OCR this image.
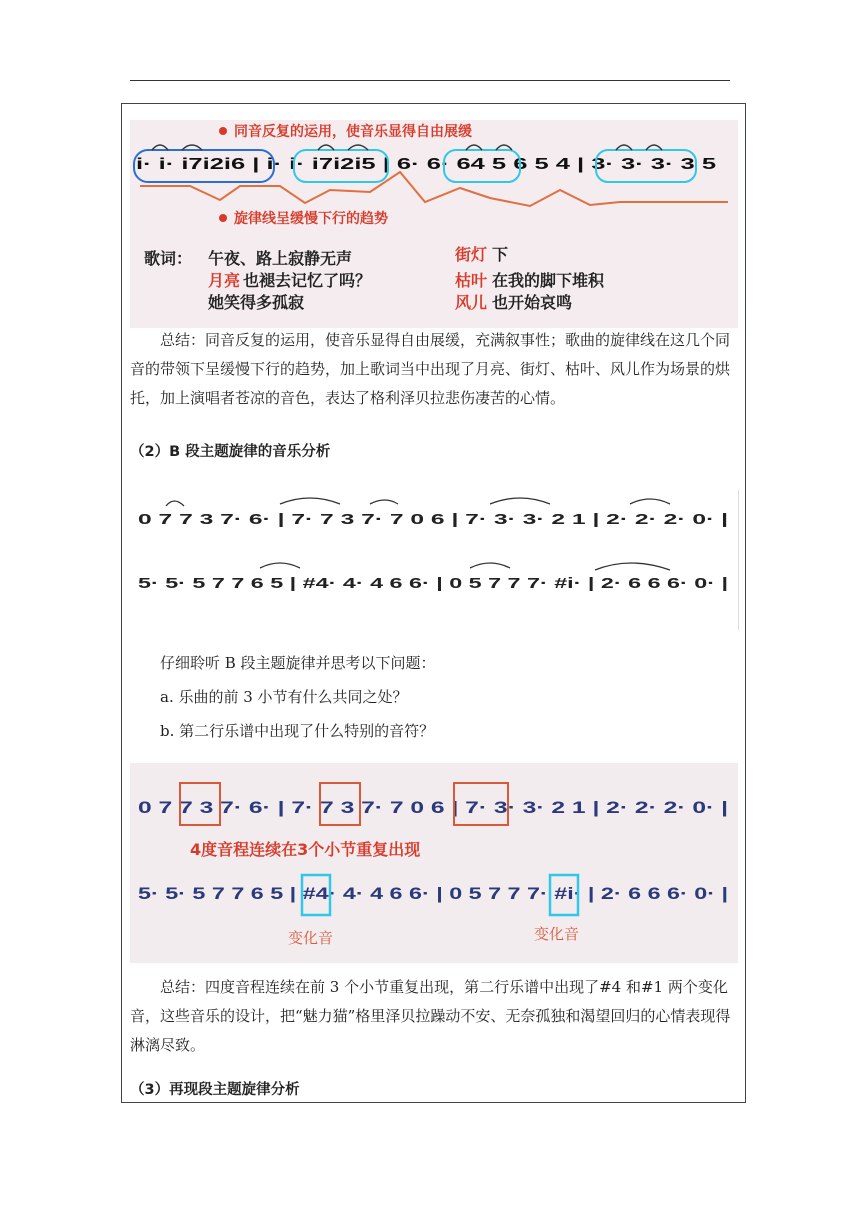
同音反复的运用，使音乐显得自由展缓
i· i· i7i2i6 | i· i· i7i2i5 | 6· 6· 64 5 6 5 4 | 3· 3· 3· 3 5
旋律线呈缓慢下行的趋势
歌词： 午夜、路上寂静无声
月亮 也褪去记忆了吗？
她笑得多孤寂
街灯 下
枯叶 在我的脚下堆积
风儿 也开始哀鸣

总结：同音反复的运用，使音乐显得自由展缓，充满叙事性；歌曲的旋律线在这几个同音的带领下呈缓慢下行的趋势，加上歌词当中出现了月亮、街灯、枯叶、风儿作为场景的烘托，加上演唱者苍凉的音色，表达了格利泽贝拉悲伤凄苦的心情。

（2）B 段主题旋律的音乐分析
0 7 7 3 7· 6· | 7· 7 3 7· 7 0 6 | 7· 3· 3· 2 1 | 2· 2· 2· 0· |
5· 5· 5 7 7 6 5 | #4· 4· 4 6 6· | 0 5 7 7 7· #i· | 2· 6 6 6· 0· |
仔细聆听 B 段主题旋律并思考以下问题：
a. 乐曲的前 3 小节有什么共同之处？
b. 第二行乐谱中出现了什么特别的音符？
0 7 7 3 7· 6· | 7· 7 3 7· 7 0 6 | 7· 3· 3· 2 1 | 2· 2· 2· 0· |
5· 5· 5 7 7 6 5 | #4· 4· 4 6 6· | 0 5 7 7 7· #i· | 2· 6 6 6· 0· |
4度音程连续在3个小节重复出现
变化音	变化音

总结：四度音程连续在前 3 个小节重复出现，第二行乐谱中出现了#4 和#1 两个变化音，这些音乐的设计，把“魅力猫”格里泽贝拉躁动不安、无奈孤独和渴望回归的心情表现得淋漓尽致。

（3）再现段主题旋律分析
